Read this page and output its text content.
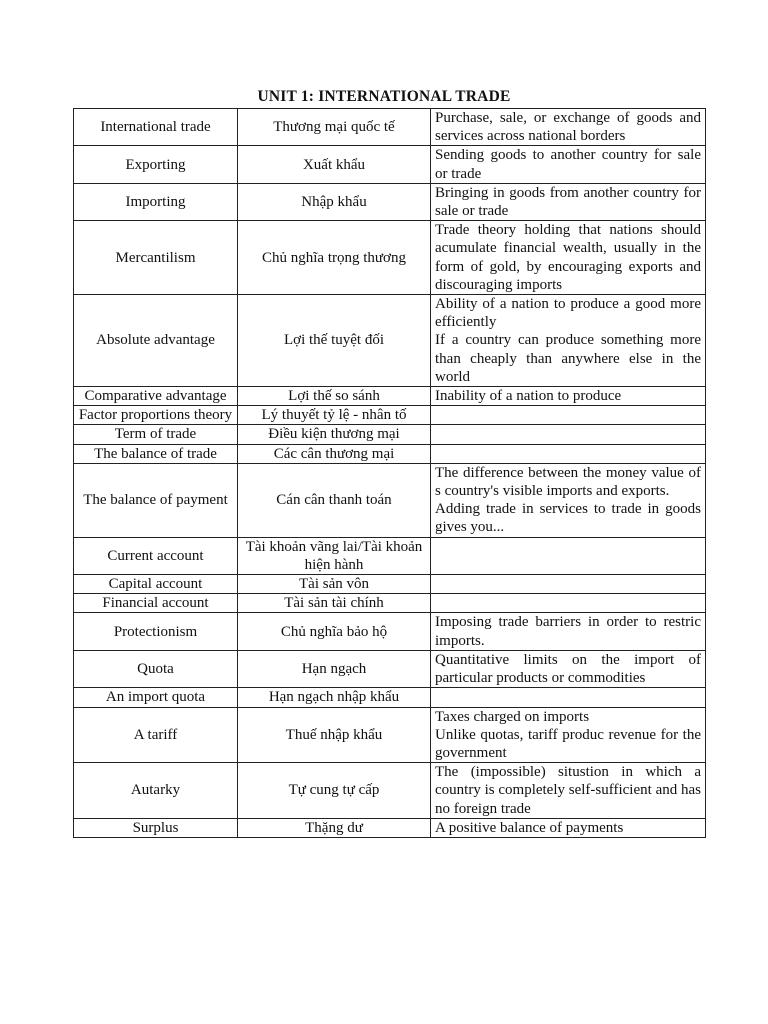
UNIT 1: INTERNATIONAL TRADE
International trade	Thương mại quốc tế	Purchase, sale, or exchange of goods and services across national borders

Exporting	Xuất khẩu	Sending goods to another country for sale or trade

Importing	Nhập khẩu	Bringing in goods from another country for sale or trade

Mercantilism	Chủ nghĩa trọng thương	Trade theory holding that nations should acumulate financial wealth, usually in the form of gold, by encouraging exports and discouraging imports

Absolute advantage	Lợi thế tuyệt đối	Ability of a nation to produce a good more efficiently
If a country can produce something more than cheaply than anywhere else in the world

Comparative advantage	Lợi thế so sánh	Inability of a nation to produce

Factor proportions theory	Lý thuyết tỷ lệ - nhân tố	
Term of trade	Điều kiện thương mại	
The balance of trade	Các cân thương mại	
The balance of payment	Cán cân thanh toán	The difference between the money value of s country's visible imports and exports.
Adding trade in services to trade in goods gives you...

Current account	Tài khoản vãng lai/Tài khoản hiện hành	
Capital account	Tài sản vôn	
Financial account	Tài sản tài chính	
Protectionism	Chủ nghĩa bảo hộ	Imposing trade barriers in order to restric imports.

Quota	Hạn ngạch	Quantitative limits on the import of particular products or commodities

An import quota	Hạn ngạch nhập khẩu	
A tariff	Thuế nhập khẩu	Taxes charged on imports
Unlike quotas, tariff produc revenue for the government

Autarky	Tự cung tự cấp	The (impossible) situstion in which a country is completely self-sufficient and has no foreign trade

Surplus	Thặng dư	A positive balance of payments
